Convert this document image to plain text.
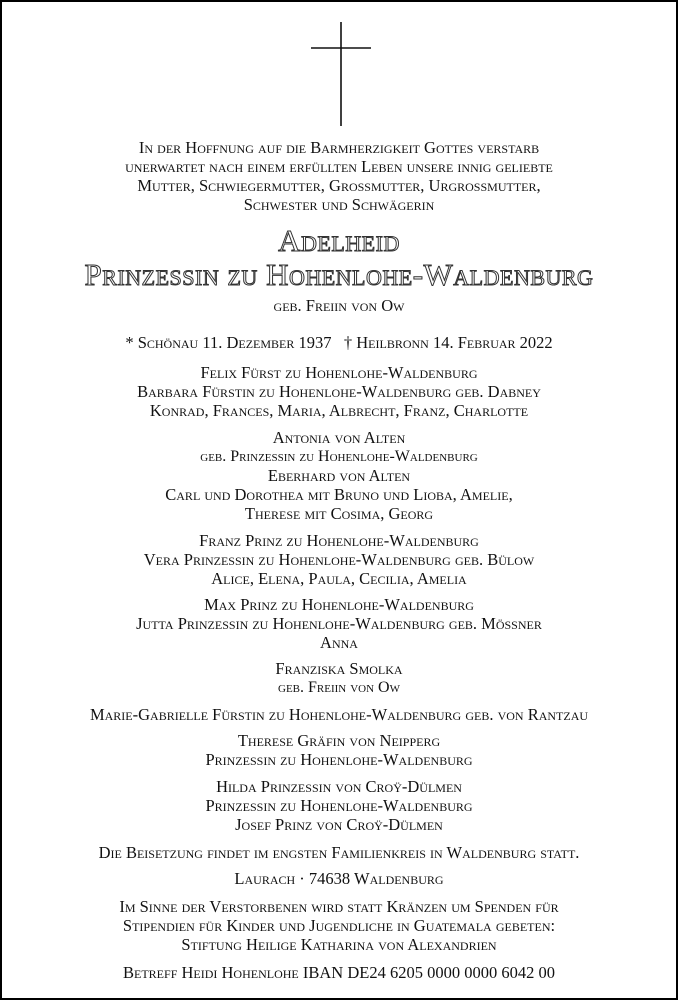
In der Hoffnung auf die Barmherzigkeit Gottes verstarb
unerwartet nach einem erfüllten Leben unsere innig geliebte
Mutter, Schwiegermutter, Grossmutter, Urgrossmutter,
Schwester und Schwägerin
Adelheid
Prinzessin zu Hohenlohe-Waldenburg
geb. Freiin von Ow
* Schönau 11. Dezember 1937   † Heilbronn 14. Februar 2022
Felix Fürst zu Hohenlohe-Waldenburg
Barbara Fürstin zu Hohenlohe-Waldenburg geb. Dabney
Konrad, Frances, Maria, Albrecht, Franz, Charlotte
Antonia von Alten
geb. Prinzessin zu Hohenlohe-Waldenburg
Eberhard von Alten
Carl und Dorothea mit Bruno und Lioba, Amelie,
Therese mit Cosima, Georg
Franz Prinz zu Hohenlohe-Waldenburg
Vera Prinzessin zu Hohenlohe-Waldenburg geb. Bülow
Alice, Elena, Paula, Cecilia, Amelia
Max Prinz zu Hohenlohe-Waldenburg
Jutta Prinzessin zu Hohenlohe-Waldenburg geb. Mössner
Anna
Franziska Smolka
geb. Freiin von Ow
Marie-Gabrielle Fürstin zu Hohenlohe-Waldenburg geb. von Rantzau
Therese Gräfin von Neipperg
Prinzessin zu Hohenlohe-Waldenburg
Hilda Prinzessin von Croÿ-Dülmen
Prinzessin zu Hohenlohe-Waldenburg
Josef Prinz von Croÿ-Dülmen
Die Beisetzung findet im engsten Familienkreis in Waldenburg statt.
Laurach · 74638 Waldenburg
Im Sinne der Verstorbenen wird statt Kränzen um Spenden für
Stipendien für Kinder und Jugendliche in Guatemala gebeten:
Stiftung Heilige Katharina von Alexandrien
Betreff Heidi Hohenlohe IBAN DE24 6205 0000 0000 6042 00
